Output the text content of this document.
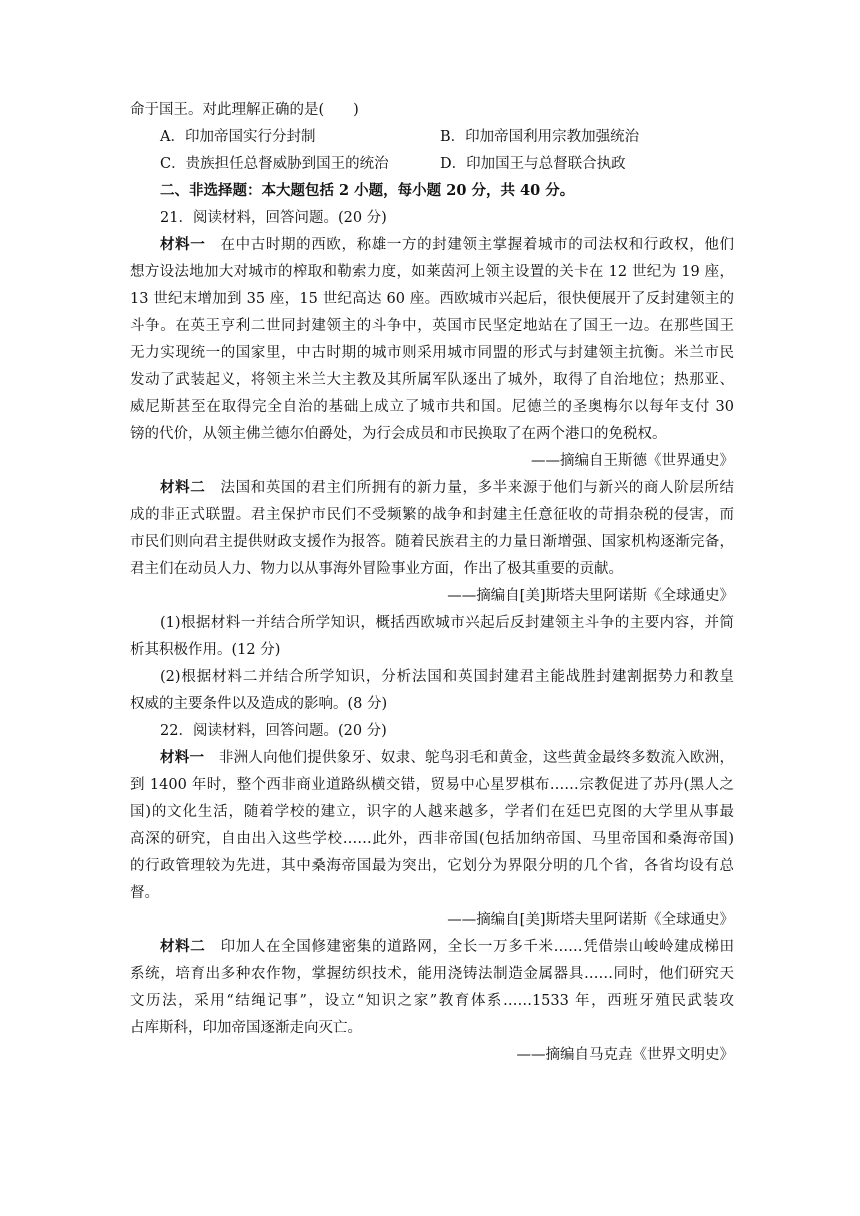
命于国王。对此理解正确的是(　　)

A．印加帝国实行分封制	B．印加帝国利用宗教加强统治
C．贵族担任总督威胁到国王的统治	D．印加国王与总督联合执政

二、非选择题：本大题包括 2 小题，每小题 20 分，共 40 分。

21．阅读材料，回答问题。(20 分)

材料一　 在中古时期的西欧，称雄一方的封建领主掌握着城市的司法权和行政权，他们

想方设法地加大对城市的榨取和勒索力度，如莱茵河上领主设置的关卡在 12 世纪为 19 座，

13 世纪末增加到 35 座，15 世纪高达 60 座。西欧城市兴起后，很快便展开了反封建领主的

斗争。在英王亨利二世同封建领主的斗争中，英国市民坚定地站在了国王一边。在那些国王

无力实现统一的国家里，中古时期的城市则采用城市同盟的形式与封建领主抗衡。米兰市民

发动了武装起义，将领主米兰大主教及其所属军队逐出了城外，取得了自治地位；热那亚、

威尼斯甚至在取得完全自治的基础上成立了城市共和国。尼德兰的圣奥梅尔以每年支付 30

镑的代价，从领主佛兰德尔伯爵处，为行会成员和市民换取了在两个港口的免税权。

——摘编自王斯德《世界通史》

材料二　 法国和英国的君主们所拥有的新力量，多半来源于他们与新兴的商人阶层所结

成的非正式联盟。君主保护市民们不受频繁的战争和封建主任意征收的苛捐杂税的侵害，而

市民们则向君主提供财政支援作为报答。随着民族君主的力量日渐增强、国家机构逐渐完备，

君主们在动员人力、物力以从事海外冒险事业方面，作出了极其重要的贡献。

——摘编自[美]斯塔夫里阿诺斯《全球通史》

(1)根据材料一并结合所学知识，概括西欧城市兴起后反封建领主斗争的主要内容，并简

析其积极作用。(12 分)

(2)根据材料二并结合所学知识，分析法国和英国封建君主能战胜封建割据势力和教皇

权威的主要条件以及造成的影响。(8 分)

22．阅读材料，回答问题。(20 分)

材料一　 非洲人向他们提供象牙、奴隶、鸵鸟羽毛和黄金，这些黄金最终多数流入欧洲，

到 1400 年时，整个西非商业道路纵横交错，贸易中心星罗棋布……宗教促进了苏丹(黑人之

国)的文化生活，随着学校的建立，识字的人越来越多，学者们在廷巴克图的大学里从事最

高深的研究，自由出入这些学校……此外，西非帝国(包括加纳帝国、马里帝国和桑海帝国)

的行政管理较为先进，其中桑海帝国最为突出，它划分为界限分明的几个省，各省均设有总

督。

——摘编自[美]斯塔夫里阿诺斯《全球通史》

材料二　 印加人在全国修建密集的道路网，全长一万多千米……凭借崇山峻岭建成梯田

系统，培育出多种农作物，掌握纺织技术，能用浇铸法制造金属器具……同时，他们研究天

文历法，采用“结绳记事”，设立“知识之家”教育体系……1533 年，西班牙殖民武装攻

占库斯科，印加帝国逐渐走向灭亡。

——摘编自马克垚《世界文明史》
